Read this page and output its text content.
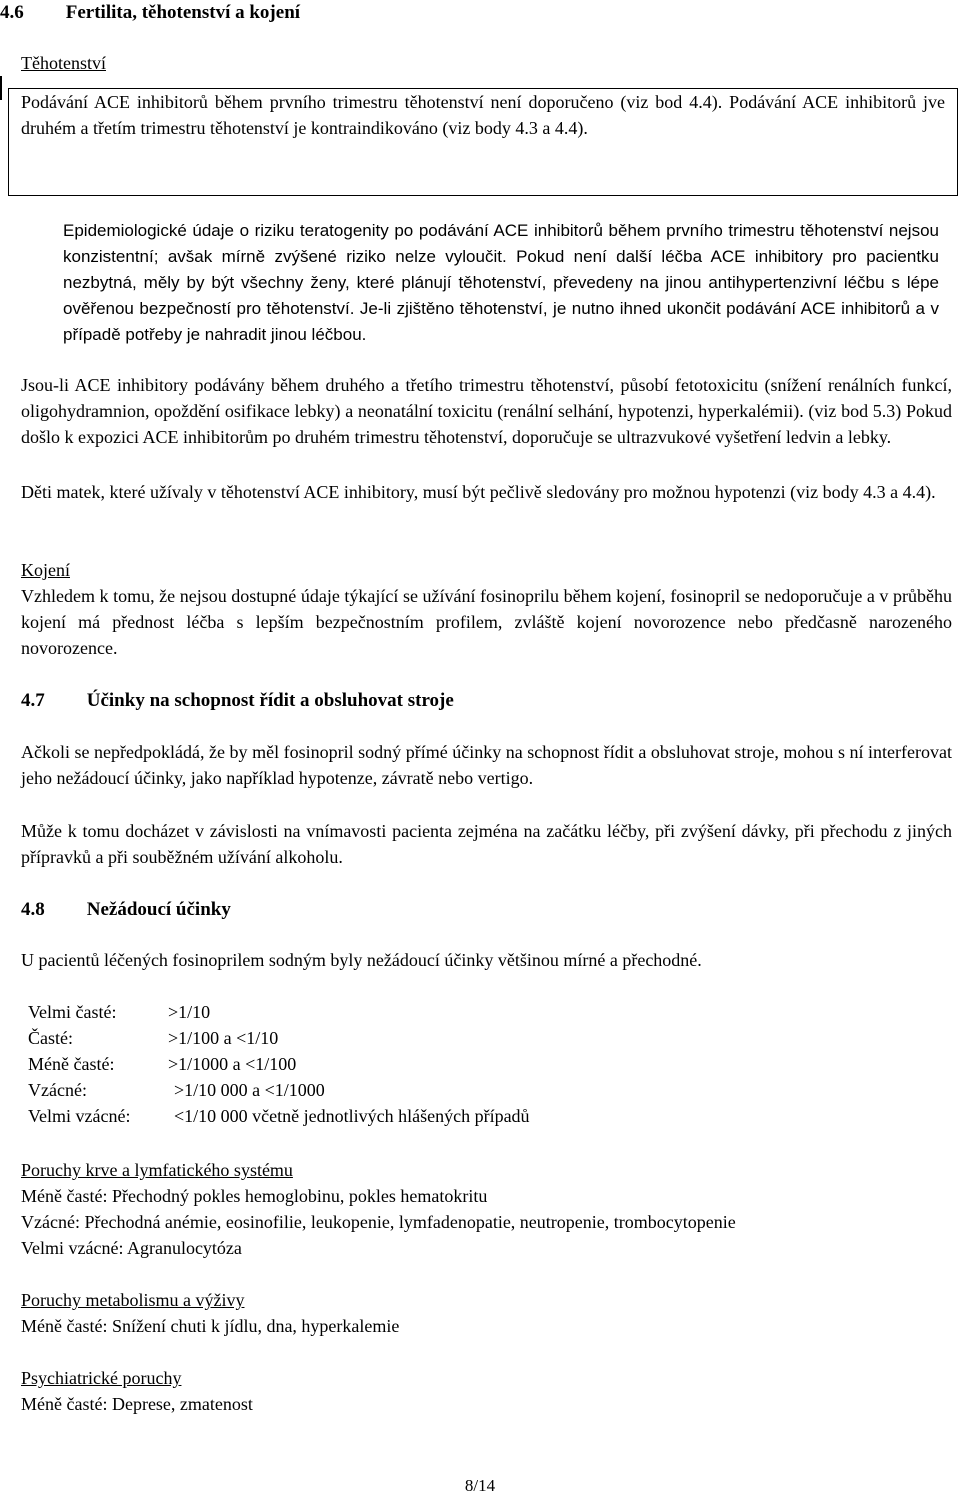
4.6 Fertilita, těhotenství a kojení
Těhotenství
Podávání ACE inhibitorů během prvního trimestru těhotenství není doporučeno (viz bod 4.4). Podávání ACE inhibitorů jve druhém a třetím trimestru těhotenství je kontraindikováno (viz body 4.3 a 4.4).
Epidemiologické údaje o riziku teratogenity po podávání ACE inhibitorů během prvního trimestru těhotenství nejsou konzistentní; avšak mírně zvýšené riziko nelze vyloučit. Pokud není další léčba ACE inhibitory pro pacientku nezbytná, měly by být všechny ženy, které plánují těhotenství, převedeny na jinou antihypertenzivní léčbu s lépe ověřenou bezpečností pro těhotenství. Je-li zjištěno těhotenství, je nutno ihned ukončit podávání ACE inhibitorů a v případě potřeby je nahradit jinou léčbou.
Jsou-li ACE inhibitory podávány během druhého a třetího trimestru těhotenství, působí fetotoxicitu (snížení renálních funkcí, oligohydramnion, opoždění osifikace lebky) a neonatální toxicitu (renální selhání, hypotenzi, hyperkalémii). (viz bod 5.3) Pokud došlo k expozici ACE inhibitorům po druhém trimestru těhotenství, doporučuje se ultrazvukové vyšetření ledvin a lebky.
Děti matek, které užívaly v těhotenství ACE inhibitory, musí být pečlivě sledovány pro možnou hypotenzi (viz body 4.3 a 4.4).
Kojení
Vzhledem k tomu, že nejsou dostupné údaje týkající se užívání fosinoprilu během kojení, fosinopril se nedoporučuje a v průběhu kojení má přednost léčba s lepším bezpečnostním profilem, zvláště kojení novorozence nebo předčasně narozeného novorozence.
4.7 Účinky na schopnost řídit a obsluhovat stroje
Ačkoli se nepředpokládá, že by měl fosinopril sodný přímé účinky na schopnost řídit a obsluhovat stroje, mohou s ní interferovat jeho nežádoucí účinky, jako například hypotenze, závratě nebo vertigo.
Může k tomu docházet v závislosti na vnímavosti pacienta zejména na začátku léčby, při zvýšení dávky, při přechodu z jiných přípravků a při souběžném užívání alkoholu.
4.8 Nežádoucí účinky
U pacientů léčených fosinoprilem sodným byly nežádoucí účinky většinou mírné a přechodné.
Velmi časté:	>1/10
Časté:	>1/100 a <1/10
Méně časté:	>1/1000 a <1/100
Vzácné:	>1/10 000 a <1/1000
Velmi vzácné: <1/10 000 včetně jednotlivých hlášených případů
Poruchy krve a lymfatického systému
Méně časté: Přechodný pokles hemoglobinu, pokles hematokritu
Vzácné: Přechodná anémie, eosinofilie, leukopenie, lymfadenopatie, neutropenie, trombocytopenie
Velmi vzácné: Agranulocytóza
Poruchy metabolismu a výživy
Méně časté: Snížení chuti k jídlu, dna, hyperkalemie
Psychiatrické poruchy
Méně časté: Deprese, zmatenost
8/14
